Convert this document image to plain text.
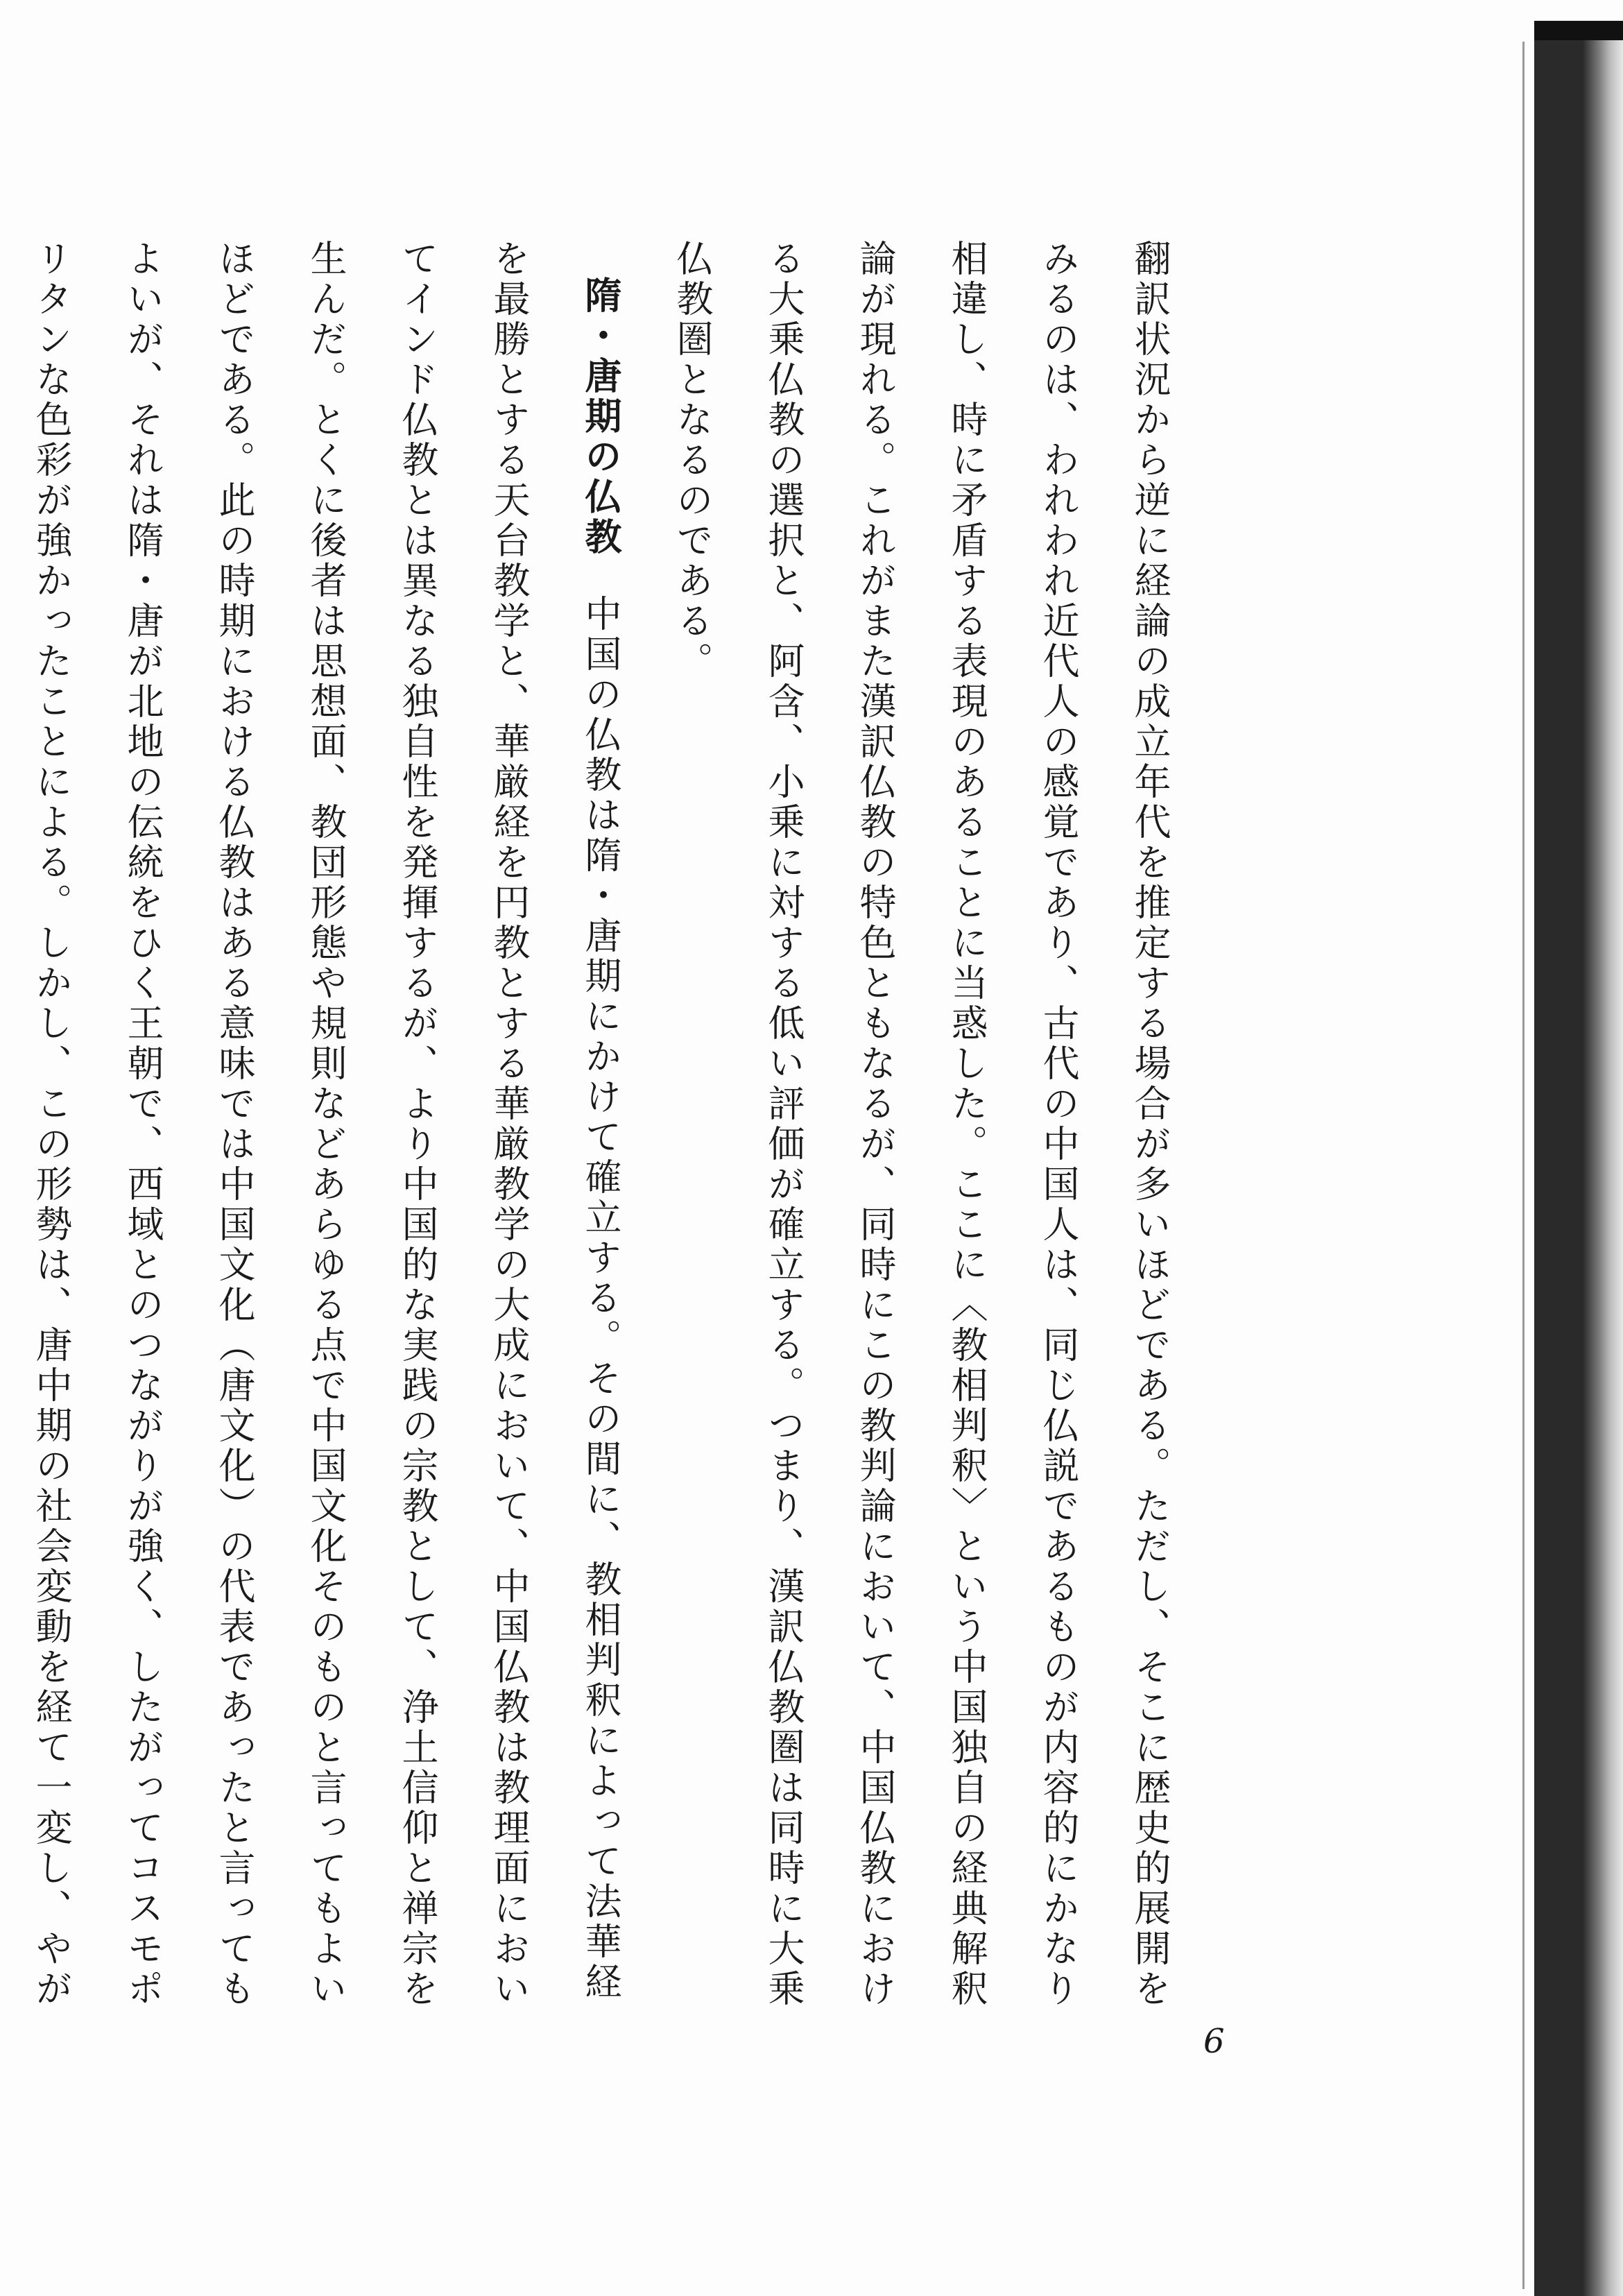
翻訳状況から逆に経論の成立年代を推定する場合が多いほどである。ただし、そこに歴史的展開をみるのは、われわれ近代人の感覚であり、古代の中国人は、同じ仏説であるものが内容的にかなり相違し、時に矛盾する表現のあることに当惑した。ここに〈教相判釈〉という中国独自の経典解釈論が現れる。これがまた漢訳仏教の特色ともなるが、同時にこの教判論において、中国仏教における大乗仏教の選択と、阿含、小乗に対する低い評価が確立する。つまり、漢訳仏教圏は同時に大乗仏教圏となるのである。

隋・唐期の仏教中国の仏教は隋・唐期にかけて確立する。その間に、教相判釈によって法華経を最勝とする天台教学と、華厳経を円教とする華厳教学の大成において、中国仏教は教理面においてインド仏教とは異なる独自性を発揮するが、より中国的な実践の宗教として、浄土信仰と禅宗を生んだ。とくに後者は思想面、教団形態や規則などあらゆる点で中国文化そのものと言ってもよいほどである。此の時期における仏教はある意味では中国文化（唐文化）の代表であったと言ってもよいが、それは隋・唐が北地の伝統をひく王朝で、西域とのつながりが強く、したがってコスモポリタンな色彩が強かったことによる。しかし、この形勢は、唐中期の社会変動を経て一変し、やが

6
